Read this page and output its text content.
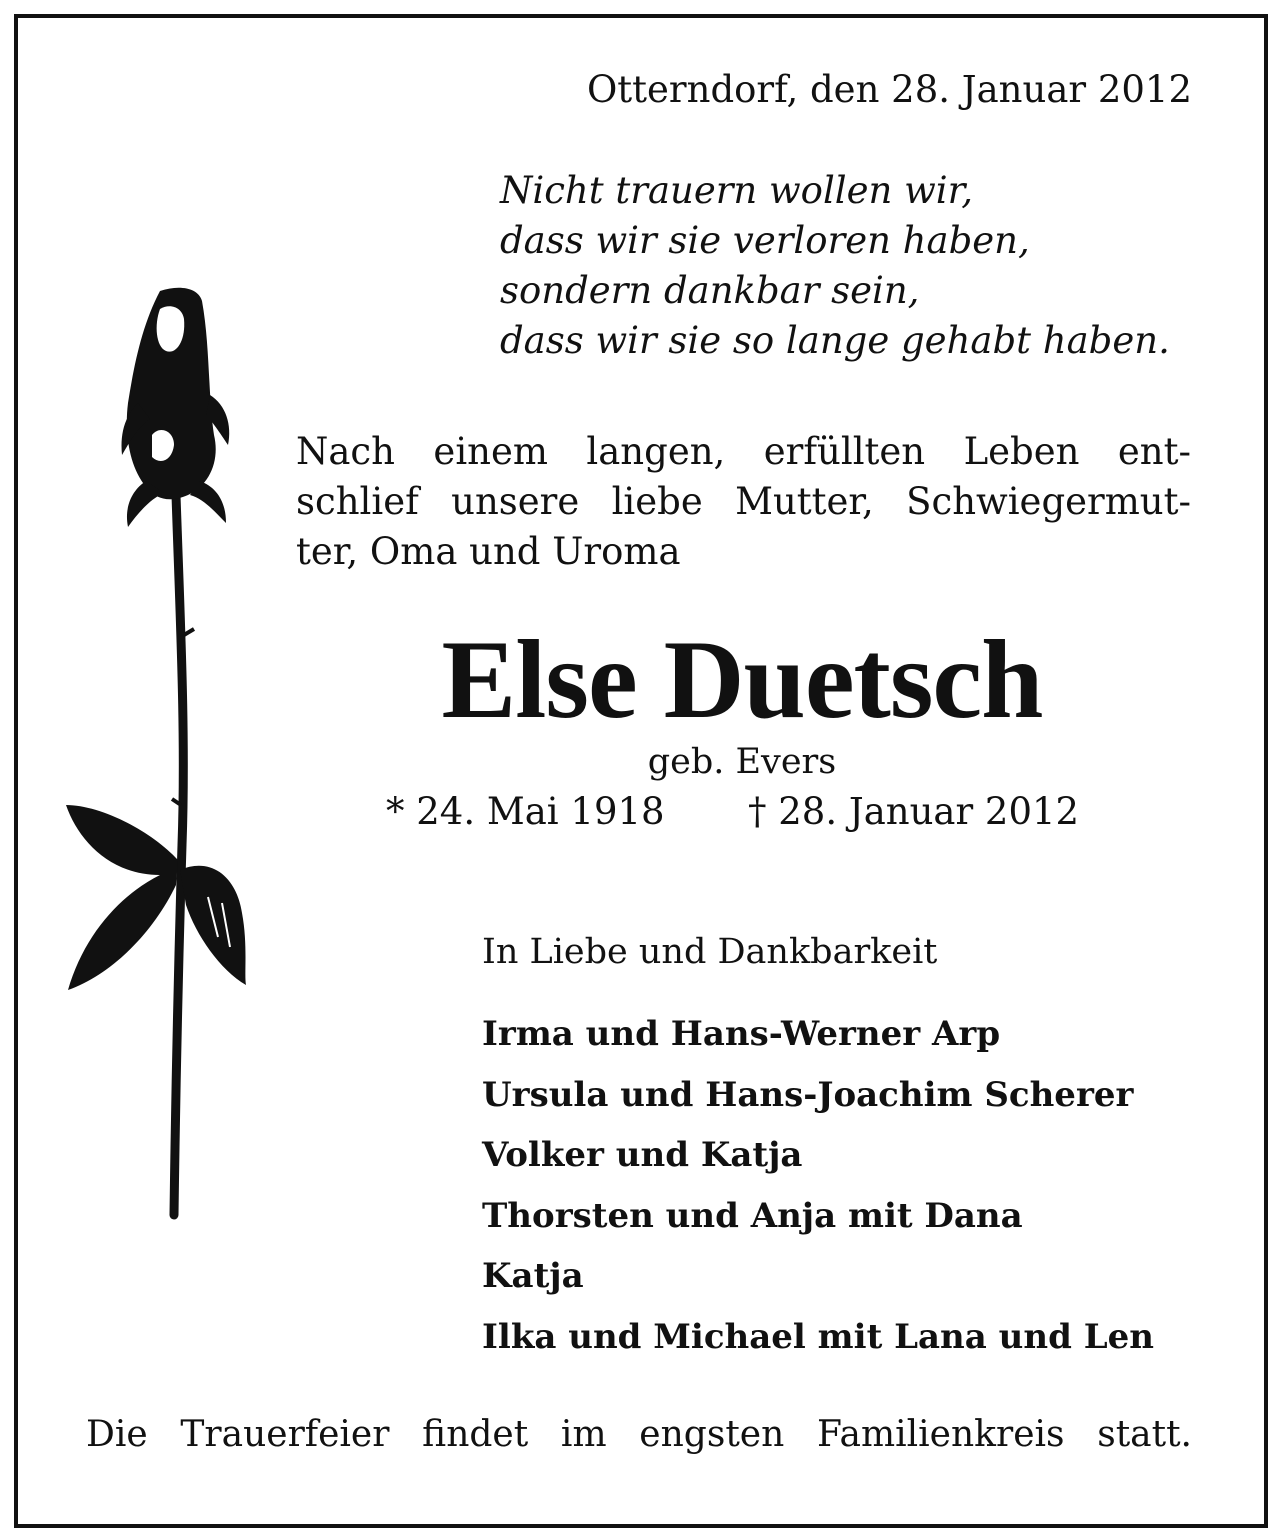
Otterndorf, den 28. Januar 2012
Nicht trauern wollen wir,
dass wir sie verloren haben,
sondern dankbar sein,
dass wir sie so lange gehabt haben.
Nach einem langen, erfüllten Leben ent-
schlief unsere liebe Mutter, Schwiegermut-
ter, Oma und Uroma
Else Duetsch
geb. Evers
* 24. Mai 1918 † 28. Januar 2012
In Liebe und Dankbarkeit
Irma und Hans-Werner Arp
Ursula und Hans-Joachim Scherer
Volker und Katja
Thorsten und Anja mit Dana
Katja
Ilka und Michael mit Lana und Len
Die Trauerfeier findet im engsten Familienkreis statt.
